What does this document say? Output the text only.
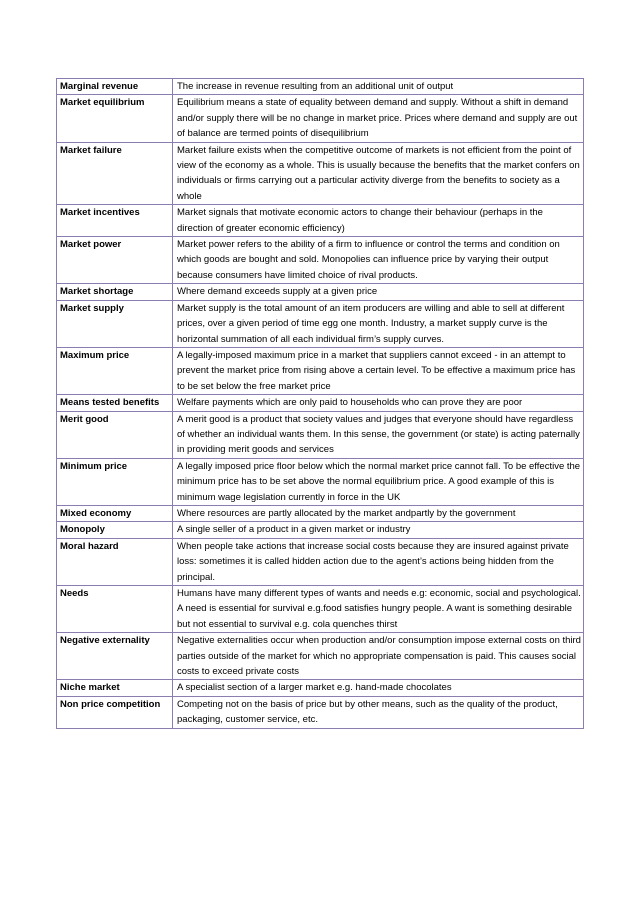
Marginal revenue	The increase in revenue resulting from an additional unit of output
Market equilibrium	Equilibrium means a state of equality between demand and supply. Without a shift in demand and/or supply there will be no change in market price. Prices where demand and supply are out of balance are termed points of disequilibrium
Market failure	Market failure exists when the competitive outcome of markets is not efficient from the point of view of the economy as a whole. This is usually because the benefits that the market confers on individuals or firms carrying out a particular activity diverge from the benefits to society as a whole
Market incentives	Market signals that motivate economic actors to change their behaviour (perhaps in the direction of greater economic efficiency)
Market power	Market power refers to the ability of a firm to influence or control the terms and condition on which goods are bought and sold. Monopolies can influence price by varying their output because consumers have limited choice of rival products.
Market shortage	Where demand exceeds supply at a given price
Market supply	Market supply is the total amount of an item producers are willing and able to sell at different prices, over a given period of time egg one month. Industry, a market supply curve is the horizontal summation of all each individual firm’s supply curves.
Maximum price	A legally-imposed maximum price in a market that suppliers cannot exceed - in an attempt to prevent the market price from rising above a certain level. To be effective a maximum price has to be set below the free market price
Means tested benefits	Welfare payments which are only paid to households who can prove they are poor
Merit good	A merit good is a product that society values and judges that everyone should have regardless of whether an individual wants them. In this sense, the government (or state) is acting paternally in providing merit goods and services
Minimum price	A legally imposed price floor below which the normal market price cannot fall. To be effective the minimum price has to be set above the normal equilibrium price. A good example of this is minimum wage legislation currently in force in the UK
Mixed economy	Where resources are partly allocated by the market andpartly by the government
Monopoly	A single seller of a product in a given market or industry
Moral hazard	When people take actions that increase social costs because they are insured against private loss: sometimes it is called hidden action due to the agent’s actions being hidden from the principal.
Needs	Humans have many different types of wants and needs e.g: economic, social and psychological. A need is essential for survival e.g.food satisfies hungry people. A want is something desirable but not essential to survival e.g. cola quenches thirst
Negative externality	Negative externalities occur when production and/or consumption impose external costs on third parties outside of the market for which no appropriate compensation is paid. This causes social costs to exceed private costs
Niche market	A specialist section of a larger market e.g. hand-made chocolates
Non price competition	Competing not on the basis of price but by other means, such as the quality of the product, packaging, customer service, etc.
